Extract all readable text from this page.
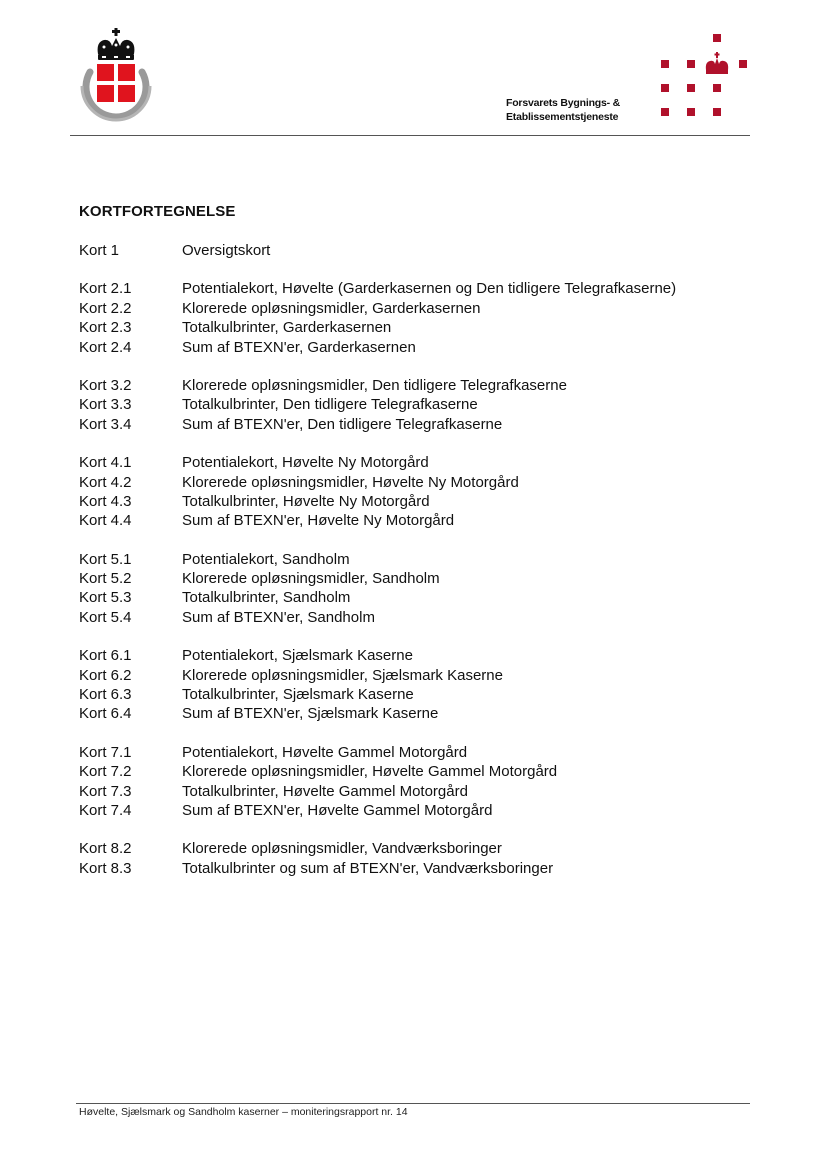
Forsvarets Bygnings- &
Etablissementstjeneste
KORTFORTEGNELSE
Kort 1	Oversigtskort
Kort 2.1	Potentialekort, Høvelte (Garderkasernen og Den tidligere Telegrafkaserne)
Kort 2.2	Klorerede opløsningsmidler, Garderkasernen
Kort 2.3	Totalkulbrinter, Garderkasernen
Kort 2.4	Sum af BTEXN'er, Garderkasernen
Kort 3.2	Klorerede opløsningsmidler, Den tidligere Telegrafkaserne
Kort 3.3	Totalkulbrinter, Den tidligere Telegrafkaserne
Kort 3.4	Sum af BTEXN'er, Den tidligere Telegrafkaserne
Kort 4.1	Potentialekort, Høvelte Ny Motorgård
Kort 4.2	Klorerede opløsningsmidler, Høvelte Ny Motorgård
Kort 4.3	Totalkulbrinter, Høvelte Ny Motorgård
Kort 4.4	Sum af BTEXN'er, Høvelte Ny Motorgård
Kort 5.1	Potentialekort, Sandholm
Kort 5.2	Klorerede opløsningsmidler, Sandholm
Kort 5.3	Totalkulbrinter, Sandholm
Kort 5.4	Sum af BTEXN'er, Sandholm
Kort 6.1	Potentialekort, Sjælsmark Kaserne
Kort 6.2	Klorerede opløsningsmidler, Sjælsmark Kaserne
Kort 6.3	Totalkulbrinter, Sjælsmark Kaserne
Kort 6.4	Sum af BTEXN'er, Sjælsmark Kaserne
Kort 7.1	Potentialekort, Høvelte Gammel Motorgård
Kort 7.2	Klorerede opløsningsmidler, Høvelte Gammel Motorgård
Kort 7.3	Totalkulbrinter, Høvelte Gammel Motorgård
Kort 7.4	Sum af BTEXN'er, Høvelte Gammel Motorgård
Kort 8.2	Klorerede opløsningsmidler, Vandværksboringer
Kort 8.3	Totalkulbrinter og sum af BTEXN'er, Vandværksboringer
Høvelte, Sjælsmark og Sandholm kaserner – moniteringsrapport nr. 14
